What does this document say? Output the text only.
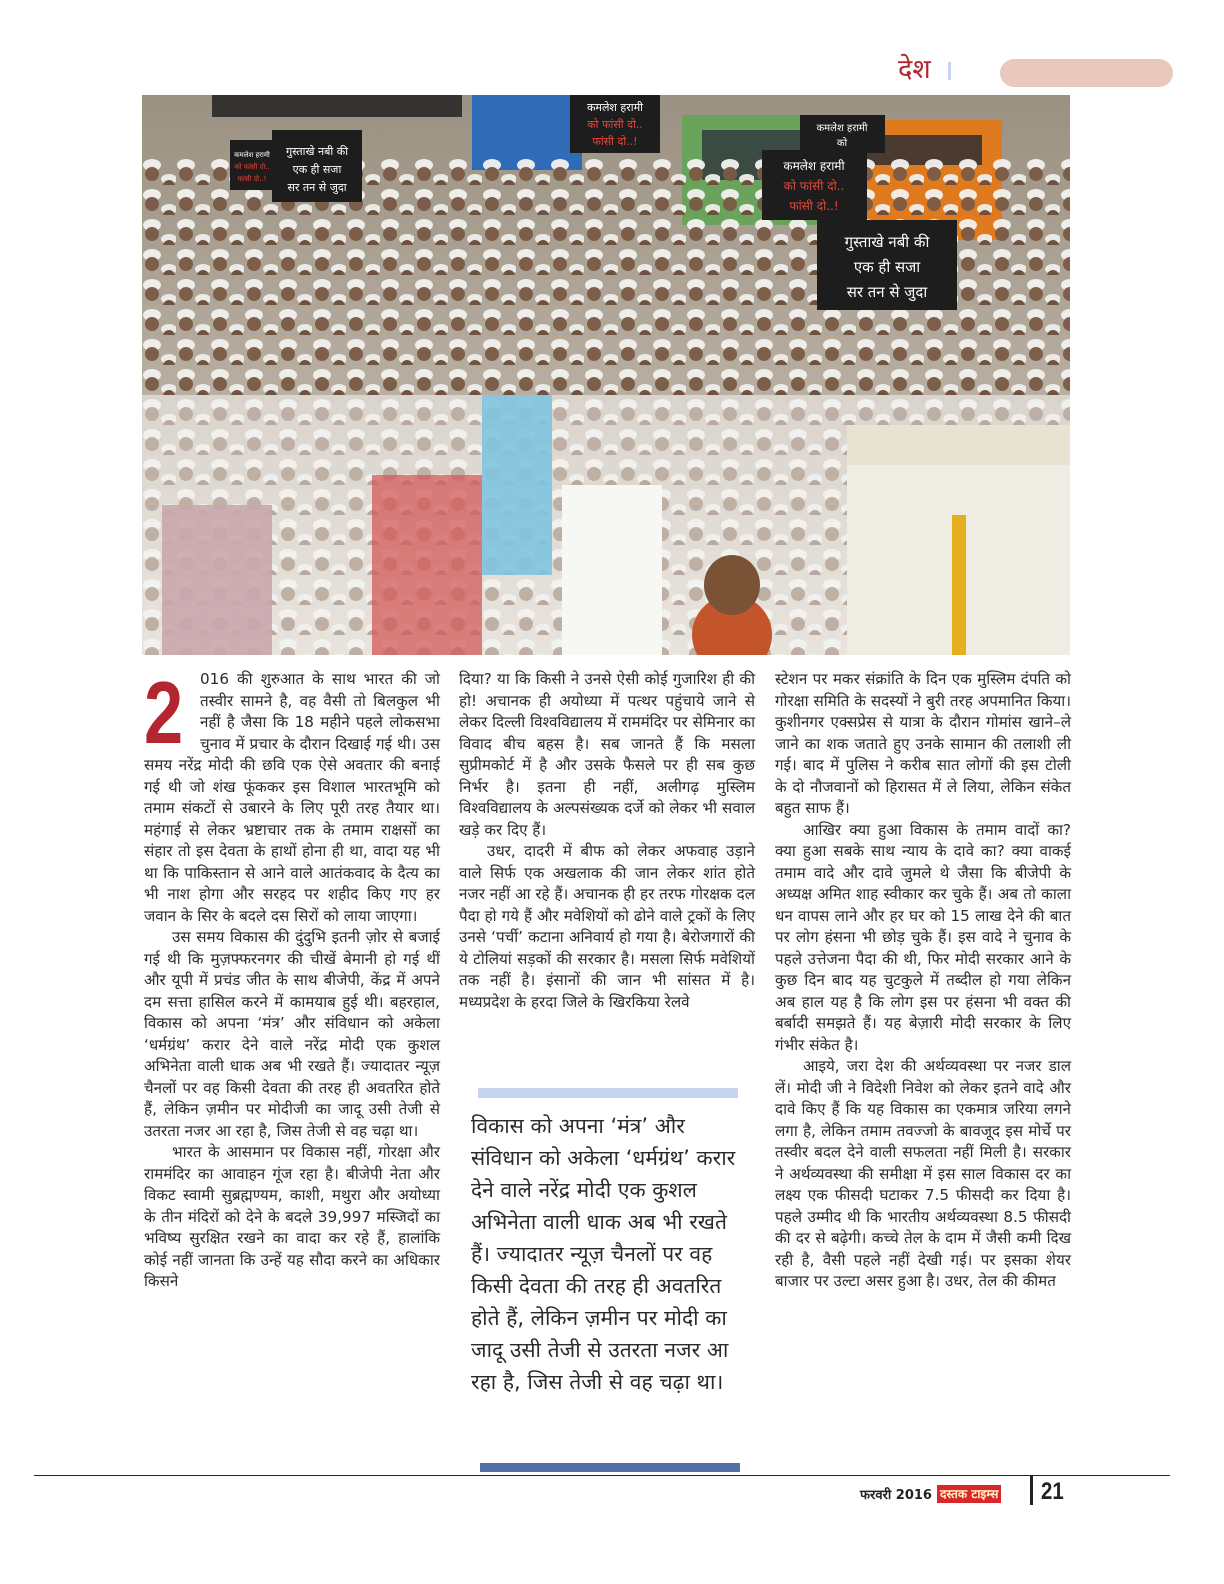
देश
गुस्ताखे नबी की
एक ही सजा
सर तन से जुदा
कमलेश हरामी
को फांसी दो..
फांसी दो..!
कमलेश हरामी
को फांसी दो..
फांसी दो..!
गुस्ताखे नबी की
एक ही सजा
सर तन से जुदा
कमलेश हरामी
को फांसी दो..
फांसी दो..!
कमलेश हरामी
को

2 016 की शुरुआत के साथ भारत की जो तस्वीर सामने है, वह वैसी तो बिलकुल भी नहीं है जैसा कि 18 महीने पहले लोकसभा चुनाव में प्रचार के दौरान दिखाई गई थी। उस समय नरेंद्र मोदी की छवि एक ऐसे अवतार की बनाई गई थी जो शंख फूंककर इस विशाल भारतभूमि को तमाम संकटों से उबारने के लिए पूरी तरह तैयार था। महंगाई से लेकर भ्रष्टाचार तक के तमाम राक्षसों का संहार तो इस देवता के हाथों होना ही था, वादा यह भी था कि पाकिस्तान से आने वाले आतंकवाद के दैत्य का भी नाश होगा और सरहद पर शहीद किए गए हर जवान के सिर के बदले दस सिरों को लाया जाएगा।

उस समय विकास की दुंदुभि इतनी ज़ोर से बजाई गई थी कि मुज़फ्फरनगर की चीखें बेमानी हो गई थीं और यूपी में प्रचंड जीत के साथ बीजेपी, केंद्र में अपने दम सत्ता हासिल करने में कामयाब हुई थी। बहरहाल, विकास को अपना ‘मंत्र’ और संविधान को अकेला ‘धर्मग्रंथ’ करार देने वाले नरेंद्र मोदी एक कुशल अभिनेता वाली धाक अब भी रखते हैं। ज्यादातर न्यूज़ चैनलों पर वह किसी देवता की तरह ही अवतरित होते हैं, लेकिन ज़मीन पर मोदीजी का जादू उसी तेजी से उतरता नजर आ रहा है, जिस तेजी से वह चढ़ा था।

भारत के आसमान पर विकास नहीं, गोरक्षा और राममंदिर का आवाहन गूंज रहा है। बीजेपी नेता और विकट स्वामी सुब्रह्मण्यम, काशी, मथुरा और अयोध्या के तीन मंदिरों को देने के बदले 39,997 मस्जिदों का भविष्य सुरक्षित रखने का वादा कर रहे हैं, हालांकि कोई नहीं जानता कि उन्हें यह सौदा करने का अधिकार किसने

दिया? या कि किसी ने उनसे ऐसी कोई गुजारिश ही की हो! अचानक ही अयोध्या में पत्थर पहुंचाये जाने से लेकर दिल्ली विश्वविद्यालय में राममंदिर पर सेमिनार का विवाद बीच बहस है। सब जानते हैं कि मसला सुप्रीमकोर्ट में है और उसके फैसले पर ही सब कुछ निर्भर है। इतना ही नहीं, अलीगढ़ मुस्लिम विश्वविद्यालय के अल्पसंख्यक दर्जे को लेकर भी सवाल खड़े कर दिए हैं।

उधर, दादरी में बीफ को लेकर अफवाह उड़ाने वाले सिर्फ एक अखलाक की जान लेकर शांत होते नजर नहीं आ रहे हैं। अचानक ही हर तरफ गोरक्षक दल पैदा हो गये हैं और मवेशियों को ढोने वाले ट्रकों के लिए उनसे ‘पर्ची’ कटाना अनिवार्य हो गया है। बेरोजगारों की ये टोलियां सड़कों की सरकार है। मसला सिर्फ मवेशियों तक नहीं है। इंसानों की जान भी सांसत में है। मध्यप्रदेश के हरदा जिले के खिरकिया रेलवे

विकास को अपना ‘मंत्र’ और संविधान को अकेला ‘धर्मग्रंथ’ करार देने वाले नरेंद्र मोदी एक कुशल अभिनेता वाली धाक अब भी रखते हैं। ज्यादातर न्यूज़ चैनलों पर वह किसी देवता की तरह ही अवतरित होते हैं, लेकिन ज़मीन पर मोदी का जादू उसी तेजी से उतरता नजर आ रहा है, जिस तेजी से वह चढ़ा था।

स्टेशन पर मकर संक्रांति के दिन एक मुस्लिम दंपति को गोरक्षा समिति के सदस्यों ने बुरी तरह अपमानित किया। कुशीनगर एक्सप्रेस से यात्रा के दौरान गोमांस खाने–ले जाने का शक जताते हुए उनके सामान की तलाशी ली गई। बाद में पुलिस ने करीब सात लोगों की इस टोली के दो नौजवानों को हिरासत में ले लिया, लेकिन संकेत बहुत साफ हैं।

आखिर क्या हुआ विकास के तमाम वादों का? क्या हुआ सबके साथ न्याय के दावे का? क्या वाकई तमाम वादे और दावे जुमले थे जैसा कि बीजेपी के अध्यक्ष अमित शाह स्वीकार कर चुके हैं। अब तो काला धन वापस लाने और हर घर को 15 लाख देने की बात पर लोग हंसना भी छोड़ चुके हैं। इस वादे ने चुनाव के पहले उत्तेजना पैदा की थी, फिर मोदी सरकार आने के कुछ दिन बाद यह चुटकुले में तब्दील हो गया लेकिन अब हाल यह है कि लोग इस पर हंसना भी वक्त की बर्बादी समझते हैं। यह बेज़ारी मोदी सरकार के लिए गंभीर संकेत है।

आइये, जरा देश की अर्थव्यवस्था पर नजर डाल लें। मोदी जी ने विदेशी निवेश को लेकर इतने वादे और दावे किए हैं कि यह विकास का एकमात्र जरिया लगने लगा है, लेकिन तमाम तवज्जो के बावजूद इस मोर्चे पर तस्वीर बदल देने वाली सफलता नहीं मिली है। सरकार ने अर्थव्यवस्था की समीक्षा में इस साल विकास दर का लक्ष्य एक फीसदी घटाकर 7.5 फीसदी कर दिया है। पहले उम्मीद थी कि भारतीय अर्थव्यवस्था 8.5 फीसदी की दर से बढ़ेगी। कच्चे तेल के दाम में जैसी कमी दिख रही है, वैसी पहले नहीं देखी गई। पर इसका शेयर बाजार पर उल्टा असर हुआ है। उधर, तेल की कीमत

फरवरी 2016 दस्तक टाइम्स 21
